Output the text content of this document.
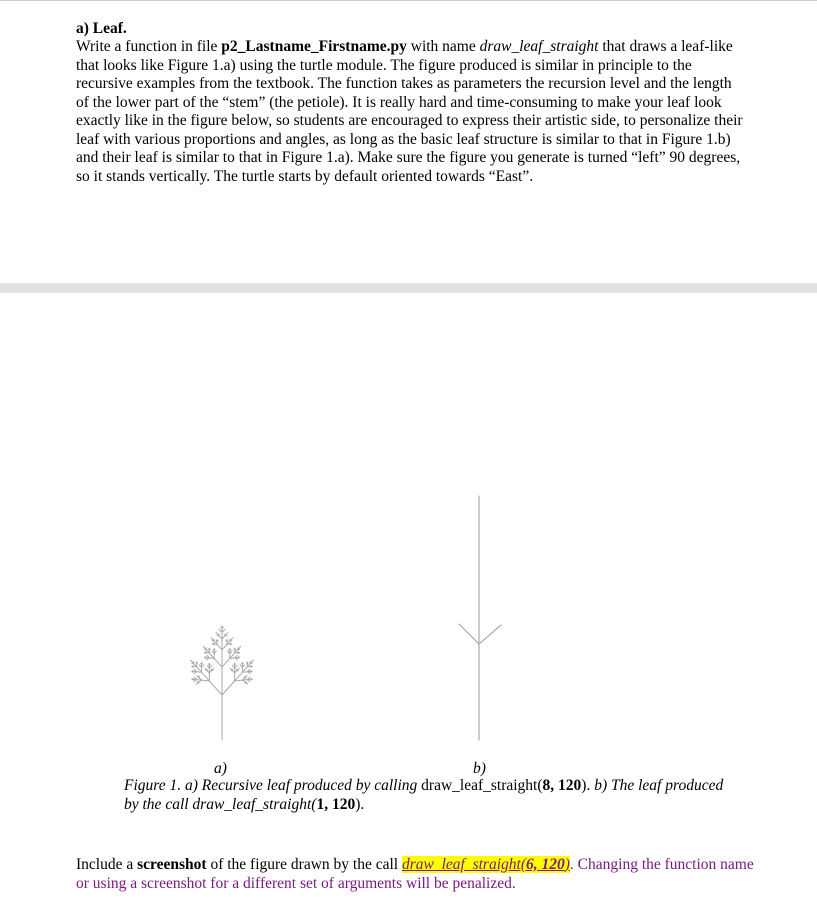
a) Leaf.
Write a function in file p2_Lastname_Firstname.py with name draw_leaf_straight that draws a leaf-like that looks like Figure 1.a) using the turtle module. The figure produced is similar in principle to the recursive examples from the textbook. The function takes as parameters the recursion level and the length of the lower part of the “stem” (the petiole). It is really hard and time-consuming to make your leaf look exactly like in the figure below, so students are encouraged to express their artistic side, to personalize their leaf with various proportions and angles, as long as the basic leaf structure is similar to that in Figure 1.b) and their leaf is similar to that in Figure 1.a). Make sure the figure you generate is turned “left” 90 degrees, so it stands vertically. The turtle starts by default oriented towards “East”.
a)	b)
Figure 1. a) Recursive leaf produced by calling draw_leaf_straight(8, 120). b) The leaf produced by the call draw_leaf_straight(1, 120).
Include a screenshot of the figure drawn by the call draw_leaf_straight(6, 120). Changing the function name or using a screenshot for a different set of arguments will be penalized.
